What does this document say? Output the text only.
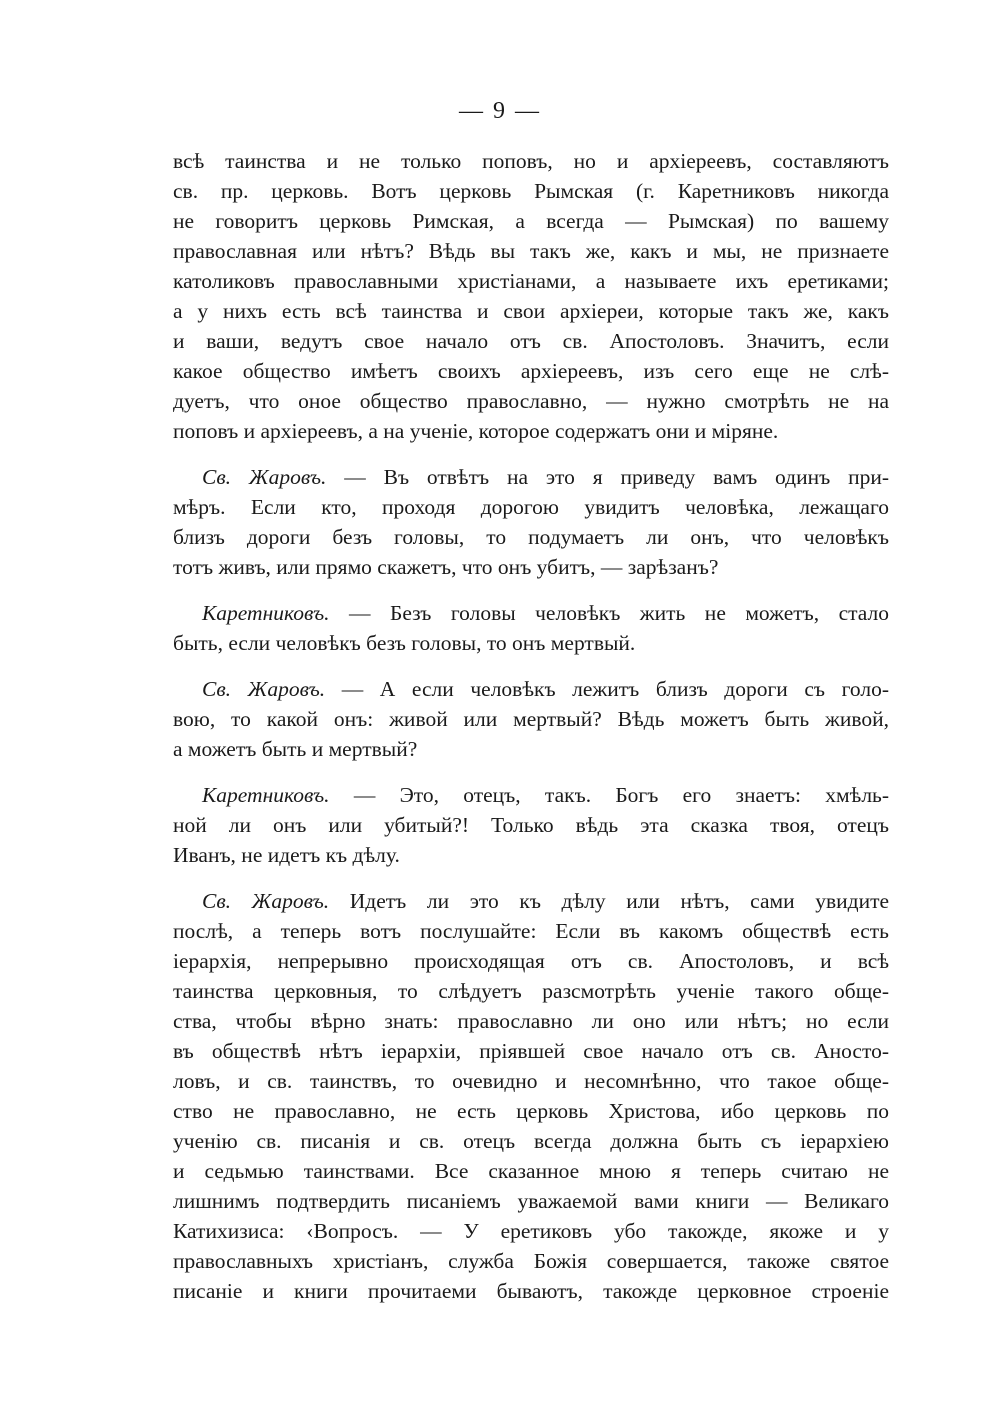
— 9 —
всѣ таинства и не только поповъ, но и архіереевъ, составляютъ
св. пр. церковь. Вотъ церковь Рымская (г. Каретниковъ никогда
не говоритъ церковь Римская, а всегда — Рымская) по вашему
православная или нѣтъ? Вѣдь вы такъ же, какъ и мы, не признаете
католиковъ православными христіанами, а называете ихъ еретиками;
а у нихъ есть всѣ таинства и свои архіереи, которые такъ же, какъ
и ваши, ведутъ свое начало отъ св. Апостоловъ. Значитъ, если
какое общество имѣетъ своихъ архіереевъ, изъ сего еще не слѣ-
дуетъ, что оное общество православно, — нужно смотрѣть не на
поповъ и архіереевъ, а на ученіе, которое содержатъ они и міряне.
Св. Жаровъ. — Въ отвѣтъ на это я приведу вамъ одинъ при-
мѣръ. Если кто, проходя дорогою увидитъ человѣка, лежащаго
близъ дороги безъ головы, то подумаетъ ли онъ, что человѣкъ
тотъ живъ, или прямо скажетъ, что онъ убитъ, — зарѣзанъ?
Каретниковъ. — Безъ головы человѣкъ жить не можетъ, стало
быть, если человѣкъ безъ головы, то онъ мертвый.
Св. Жаровъ. — А если человѣкъ лежитъ близъ дороги съ голо-
вою, то какой онъ: живой или мертвый? Вѣдь можетъ быть живой,
а можетъ быть и мертвый?
Каретниковъ. — Это, отецъ, такъ. Богъ его знаетъ: хмѣль-
ной ли онъ или убитый?! Только вѣдь эта сказка твоя, отецъ
Иванъ, не идетъ къ дѣлу.
Св. Жаровъ. Идетъ ли это къ дѣлу или нѣтъ, сами увидите
послѣ, а теперь вотъ послушайте: Если въ какомъ обществѣ есть
іерархія, непрерывно происходящая отъ св. Апостоловъ, и всѣ
таинства церковныя, то слѣдуетъ разсмотрѣть ученіе такого обще-
ства, чтобы вѣрно знать: православно ли оно или нѣтъ; но если
въ обществѣ нѣтъ іерархіи, пріявшей свое начало отъ св. Аносто-
ловъ, и св. таинствъ, то очевидно и несомнѣнно, что такое обще-
ство не православно, не есть церковь Христова, ибо церковь по
ученію св. писанія и св. отецъ всегда должна быть съ іерархіею
и седьмью таинствами. Все сказанное мною я теперь считаю не
лишнимъ подтвердить писаніемъ уважаемой вами книги — Великаго
Катихизиса: ‹Вопросъ. — У еретиковъ убо такожде, якоже и у
православныхъ христіанъ, служба Божія совершается, такоже святое
писаніе и книги прочитаеми бываютъ, такожде церковное строеніе
